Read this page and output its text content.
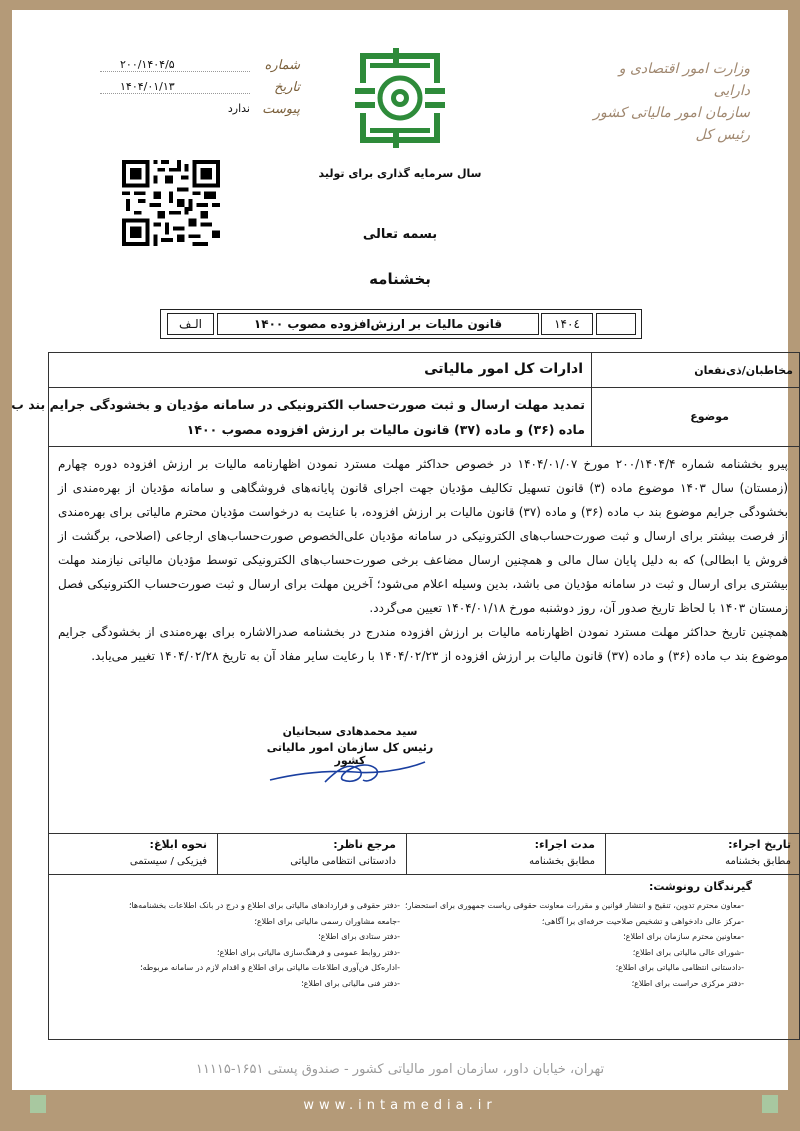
شماره
۲۰۰/۱۴۰۴/۵
تاریخ
۱۴۰۴/۰۱/۱۳
پیوست
ندارد
وزارت امور اقتصادی و دارایی
سازمان امور مالیاتی کشور
رئیس کل
سال سرمایه گذاری برای تولید
بسمه تعالی
بخشنامه
الـف	قانون مالیات بر ارزش‌افزوده مصوب ۱۴۰۰	۱۴۰٤
ادارات کل امور مالیاتی	مخاطبان/ذی‌نفعان
تمدید مهلت ارسال و ثبت صورت‌حساب الکترونیکی در سامانه مؤدیان و بخشودگی جرایم بند ب
ماده (۳۶) و ماده (۳۷) قانون مالیات بر ارزش افزوده مصوب ۱۴۰۰
موضوع

پیرو بخشنامه شماره ۲۰۰/۱۴۰۴/۴ مورخ ۱۴۰۴/۰۱/۰۷ در خصوص حداکثر مهلت مسترد نمودن اظهارنامه مالیات بر ارزش افزوده دوره چهارم (زمستان) سال ۱۴۰۳ موضوع ماده (۳) قانون تسهیل تکالیف مؤدیان جهت اجرای قانون پایانه‌های فروشگاهی و سامانه مؤدیان از بهره‌مندی از بخشودگی جرایم موضوع بند ب ماده (۳۶) و ماده (۳۷) قانون مالیات بر ارزش افزوده، با عنایت به درخواست مؤدیان محترم مالیاتی برای بهره‌مندی از فرصت بیشتر برای ارسال و ثبت صورت‌حساب‌های الکترونیکی در سامانه مؤدیان علی‌الخصوص صورت‌حساب‌های ارجاعی (اصلاحی، برگشت از فروش یا ابطالی) که به دلیل پایان سال مالی و همچنین ارسال مضاعف برخی صورت‌حساب‌های الکترونیکی توسط مؤدیان مالیاتی نیازمند مهلت بیشتری برای ارسال و ثبت در سامانه مؤدیان می باشد، بدین وسیله اعلام می‌شود؛ آخرین مهلت برای ارسال و ثبت صورت‌حساب الکترونیکی فصل زمستان ۱۴۰۳ با لحاظ تاریخ صدور آن، روز دوشنبه مورخ ۱۴۰۴/۰۱/۱۸ تعیین می‌گردد.

همچنین تاریخ حداکثر مهلت مسترد نمودن اظهارنامه مالیات بر ارزش افزوده مندرج در بخشنامه صدرالاشاره برای بهره‌مندی از بخشودگی جرایم موضوع بند ب ماده (۳۶) و ماده (۳۷) قانون مالیات بر ارزش افزوده از ۱۴۰۴/۰۲/۲۳ با رعایت سایر مفاد آن به تاریخ ۱۴۰۴/۰۲/۲۸ تغییر می‌یابد.

سید محمدهادی سبحانیان
رئیس کل سازمان امور مالیاتی کشور
نحوه ابلاغ:
فیزیکی / سیستمی
مرجع ناظر:
دادستانی انتظامی مالیاتی
مدت اجراء:
مطابق بخشنامه
تاریخ اجراء:
مطابق بخشنامه
گیرندگان رونوشت:
-معاون محترم تدوین، تنقیح و انتشار قوانین و مقررات معاونت حقوقی ریاست جمهوری برای استحضار؛
-مرکز عالی دادخواهی و تشخیص صلاحیت حرفه‌ای برا آگاهی؛
-معاونین محترم سازمان برای اطلاع؛
-شورای عالی مالیاتی برای اطلاع؛
-دادستانی انتظامی مالیاتی برای اطلاع؛
-دفتر مرکزی حراست برای اطلاع؛
-دفتر حقوقی و قراردادهای مالیاتی برای اطلاع و درج در بانک اطلاعات بخشنامه‌ها؛
-جامعه مشاوران رسمی مالیاتی برای اطلاع؛
-دفتر ستادی برای اطلاع؛
-دفتر روابط عمومی و فرهنگ‌سازی مالیاتی برای اطلاع؛
-اداره‌کل فن‌آوری اطلاعات مالیاتی برای اطلاع و اقدام لازم در سامانه مربوطه؛
-دفتر فنی مالیاتی برای اطلاع؛
تهران، خیابان داور، سازمان امور مالیاتی کشور - صندوق پستی ۱۶۵۱-۱۱۱۱۵
www.intamedia.ir
